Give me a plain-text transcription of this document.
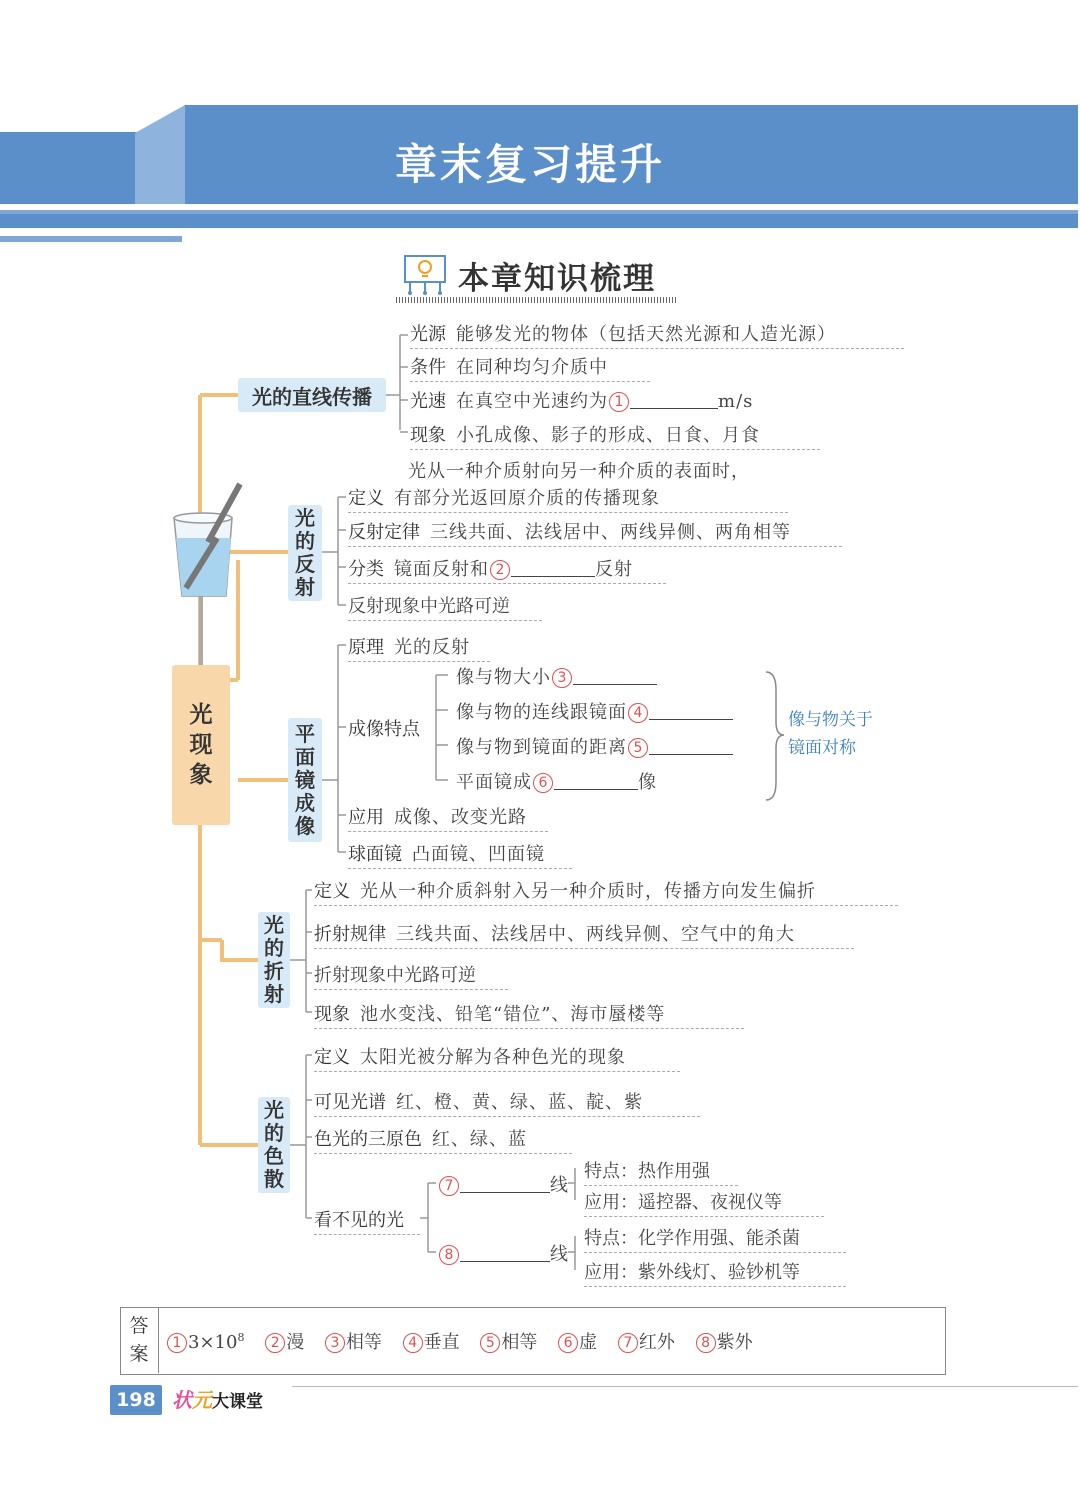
章末复习提升
本章知识梳理
光
现
象
光的直线传播
光源 能够发光的物体（包括天然光源和人造光源）
条件 在同种均匀介质中
光速 在真空中光速约为 1	m/s
现象 小孔成像、影子的形成、日食、月食
光
的
反
射
光从一种介质射向另一种介质的表面时，
定义 有部分光返回原介质的传播现象
反射定律 三线共面、法线居中、两线异侧、两角相等
分类 镜面反射和 2	反射
反射现象中光路可逆
平
面
镜
成
像
原理 光的反射
成像特点
像与物大小 3
像与物的连线跟镜面 4
像与物到镜面的距离 5
平面镜成 6	像
像与物关于
镜面对称
应用 成像、改变光路
球面镜 凸面镜、凹面镜
光
的
折
射
定义 光从一种介质斜射入另一种介质时，传播方向发生偏折
折射规律 三线共面、法线居中、两线异侧、空气中的角大
折射现象中光路可逆
现象 池水变浅、铅笔“错位”、海市蜃楼等
光
的
色
散
定义 太阳光被分解为各种色光的现象
可见光谱 红、橙、黄、绿、蓝、靛、紫
色光的三原色 红、绿、蓝
看不见的光
7	线
8	线
特点：热作用强
应用：遥控器、夜视仪等
特点：化学作用强、能杀菌
应用：紫外线灯、验钞机等
答
案	1 $3\times 10^8$ 2 漫 3 相等 4 垂直 5 相等 6 虚 7 红外 8 紫外
198 状元大课堂
